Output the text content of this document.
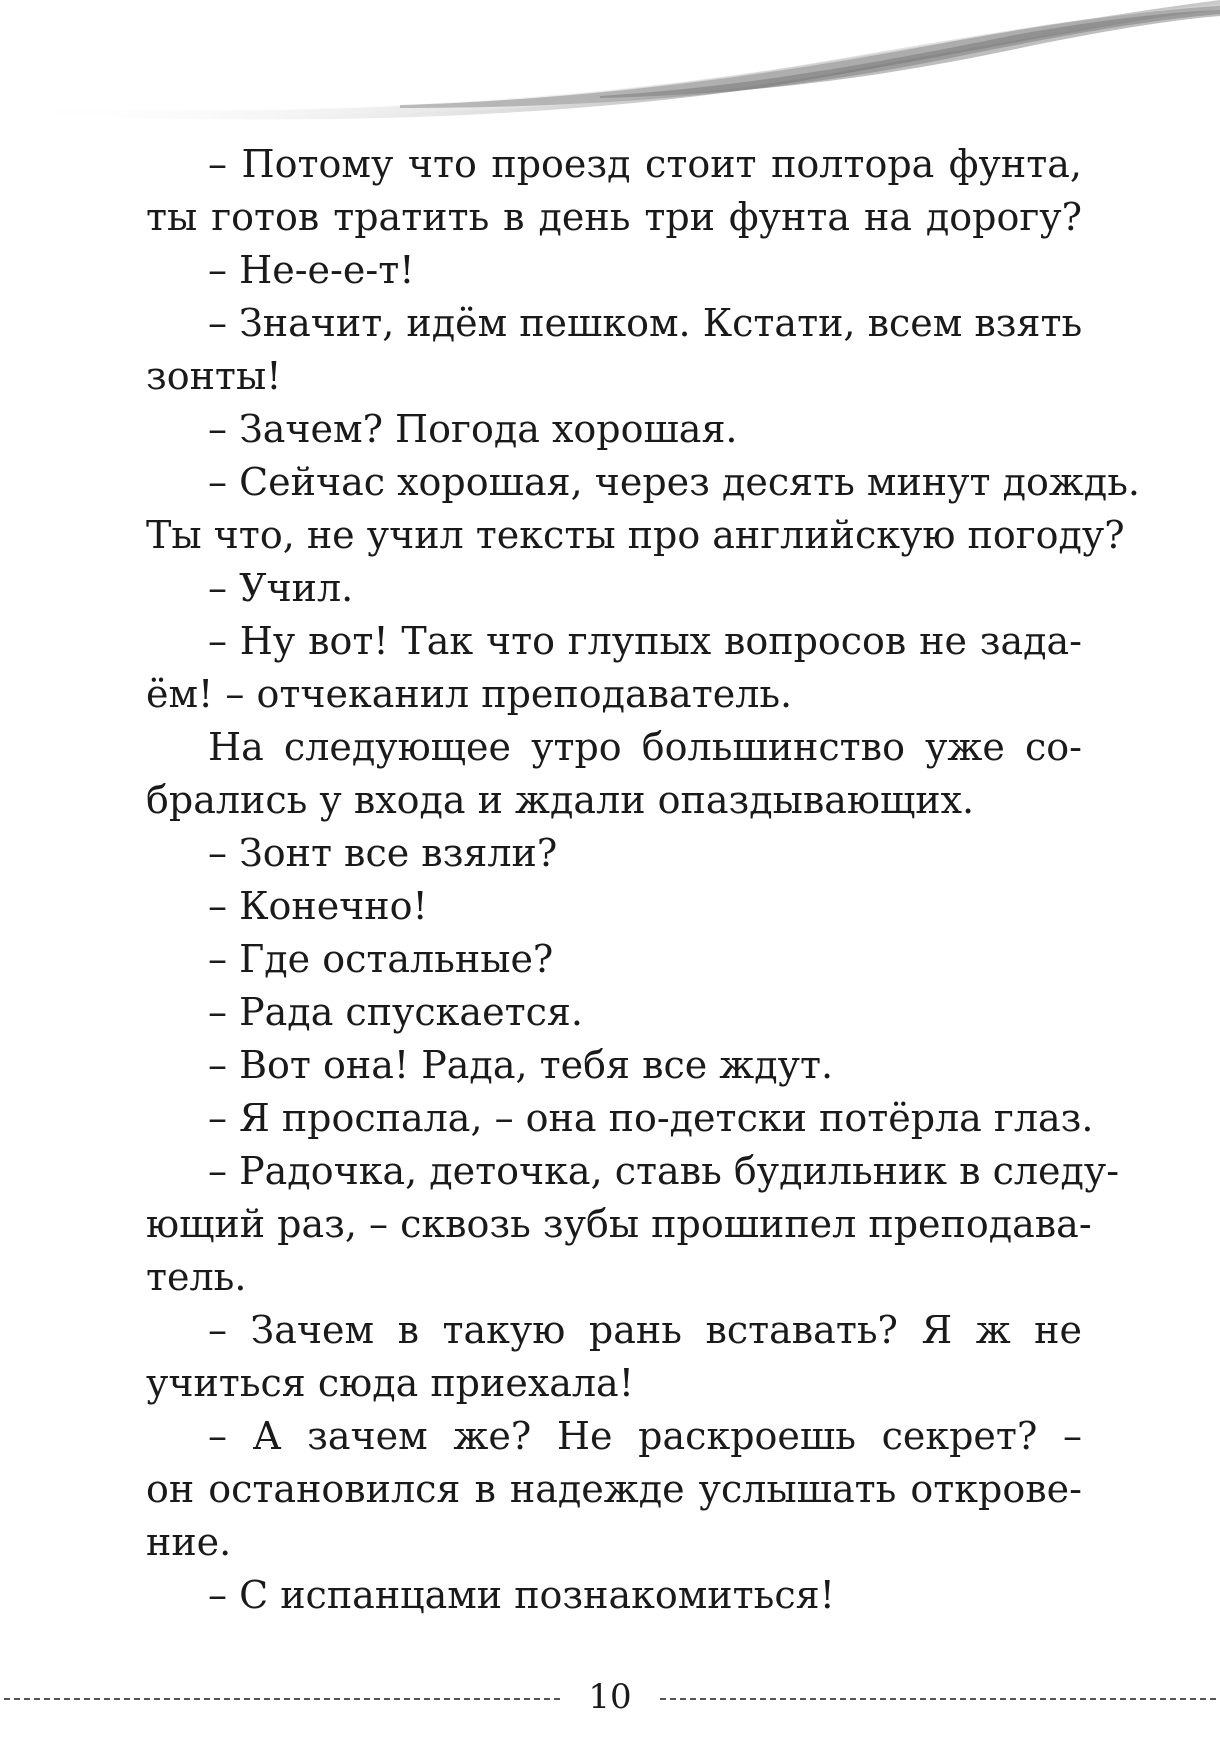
– Потому что проезд стоит полтора фунта,
ты готов тратить в день три фунта на дорогу?
– Не-е-е-т!
– Значит, идём пешком. Кстати, всем взять
зонты!
– Зачем? Погода хорошая.
– Сейчас хорошая, через десять минут дождь.
Ты что, не учил тексты про английскую погоду?
– Учил.
– Ну вот! Так что глупых вопросов не зада-
ём! – отчеканил преподаватель.
На следующее утро большинство уже со-
брались у входа и ждали опаздывающих.
– Зонт все взяли?
– Конечно!
– Где остальные?
– Рада спускается.
– Вот она! Рада, тебя все ждут.
– Я проспала, – она по-детски потёрла глаз.
– Радочка, деточка, ставь будильник в следу-
ющий раз, – сквозь зубы прошипел преподава-
тель.
– Зачем в такую рань вставать? Я ж не
учиться сюда приехала!
– А зачем же? Не раскроешь секрет? –
он остановился в надежде услышать открове-
ние.
– С испанцами познакомиться!
10
